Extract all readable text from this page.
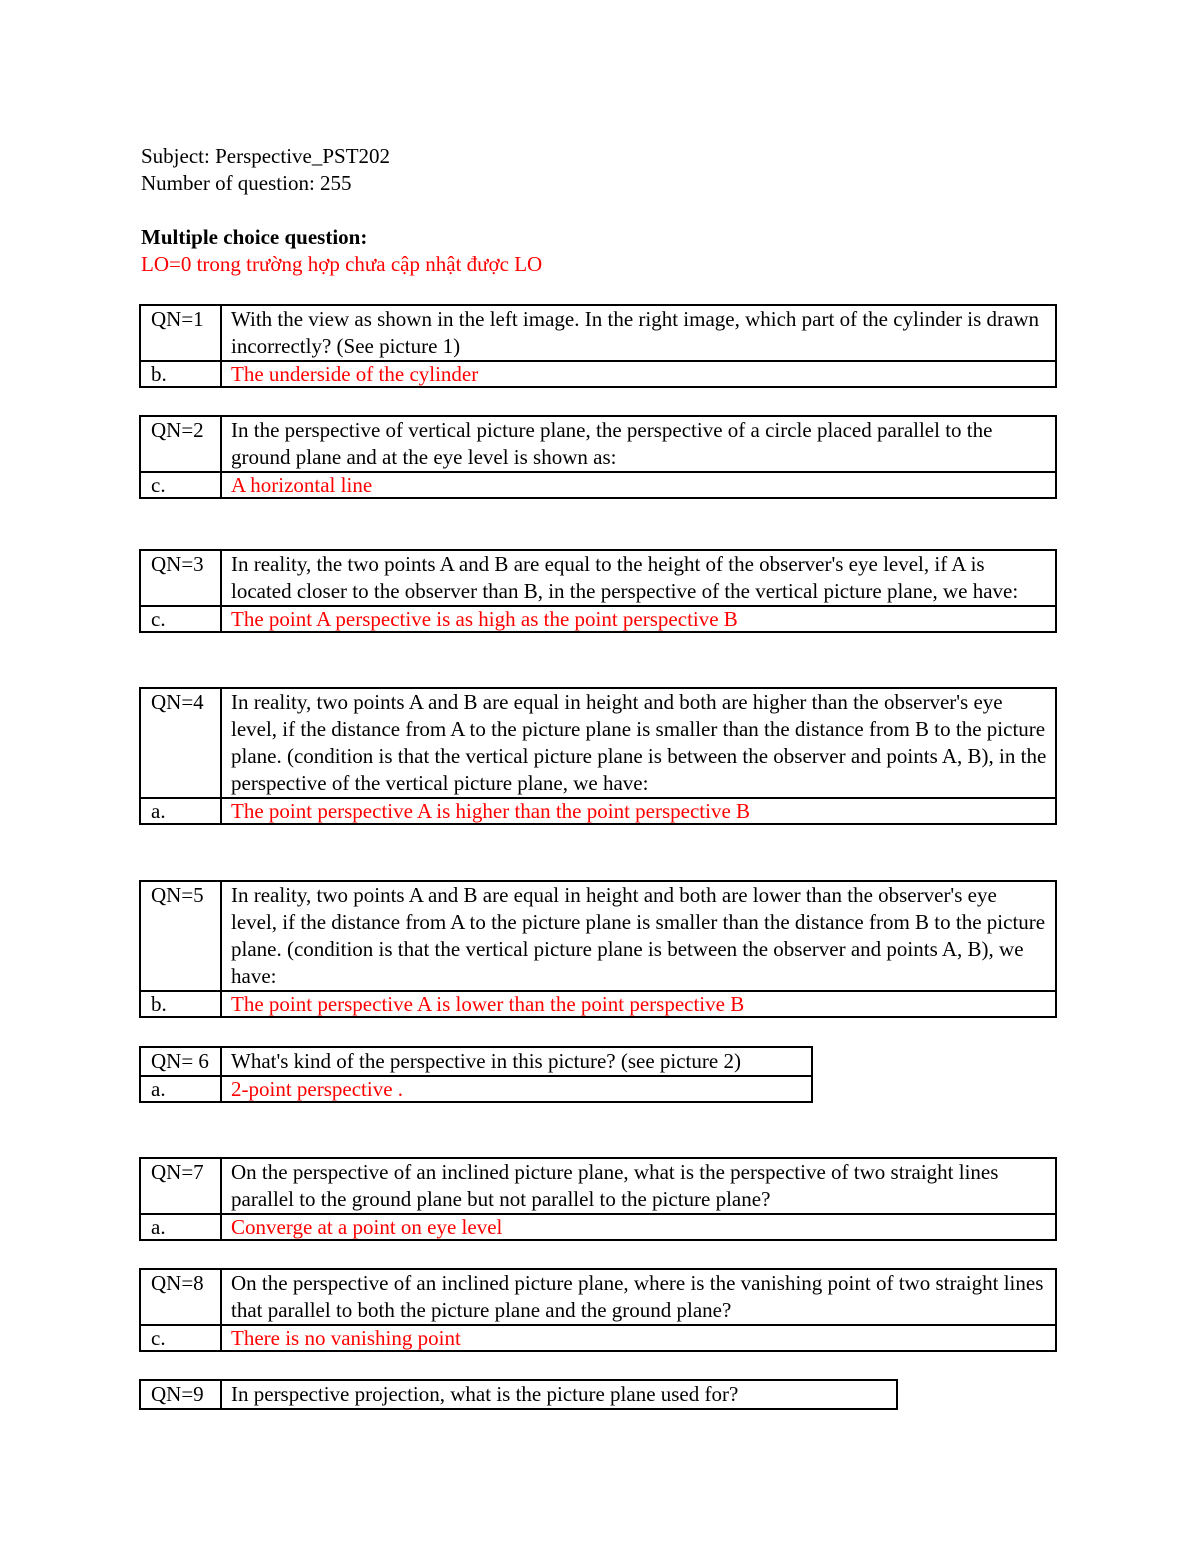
Subject: Perspective_PST202
Number of question: 255

Multiple choice question:
LO=0 trong trường hợp chưa cập nhật được LO
QN=1	With the view as shown in the left image. In the right image, which part of the cylinder is drawn incorrectly? (See picture 1)
b.	The underside of the cylinder
QN=2	In the perspective of vertical picture plane, the perspective of a circle placed parallel to the ground plane and at the eye level is shown as:
c.	A horizontal line
QN=3	In reality, the two points A and B are equal to the height of the observer's eye level, if A is located closer to the observer than B, in the perspective of the vertical picture plane, we have:
c.	The point A perspective is as high as the point perspective B
QN=4	In reality, two points A and B are equal in height and both are higher than the observer's eye level, if the distance from A to the picture plane is smaller than the distance from B to the picture plane. (condition is that the vertical picture plane is between the observer and points A, B), in the perspective of the vertical picture plane, we have:
a.	The point perspective A is higher than the point perspective B
QN=5	In reality, two points A and B are equal in height and both are lower than the observer's eye level, if the distance from A to the picture plane is smaller than the distance from B to the picture plane. (condition is that the vertical picture plane is between the observer and points A, B), we have:
b.	The point perspective A is lower than the point perspective B
QN= 6	What's kind of the perspective in this picture? (see picture 2)
a.	2-point perspective .
QN=7	On the perspective of an inclined picture plane, what is the perspective of two straight lines parallel to the ground plane but not parallel to the picture plane?
a.	Converge at a point on eye level
QN=8	On the perspective of an inclined picture plane, where is the vanishing point of two straight lines that parallel to both the picture plane and the ground plane?
c.	There is no vanishing point
QN=9	In perspective projection, what is the picture plane used for?
